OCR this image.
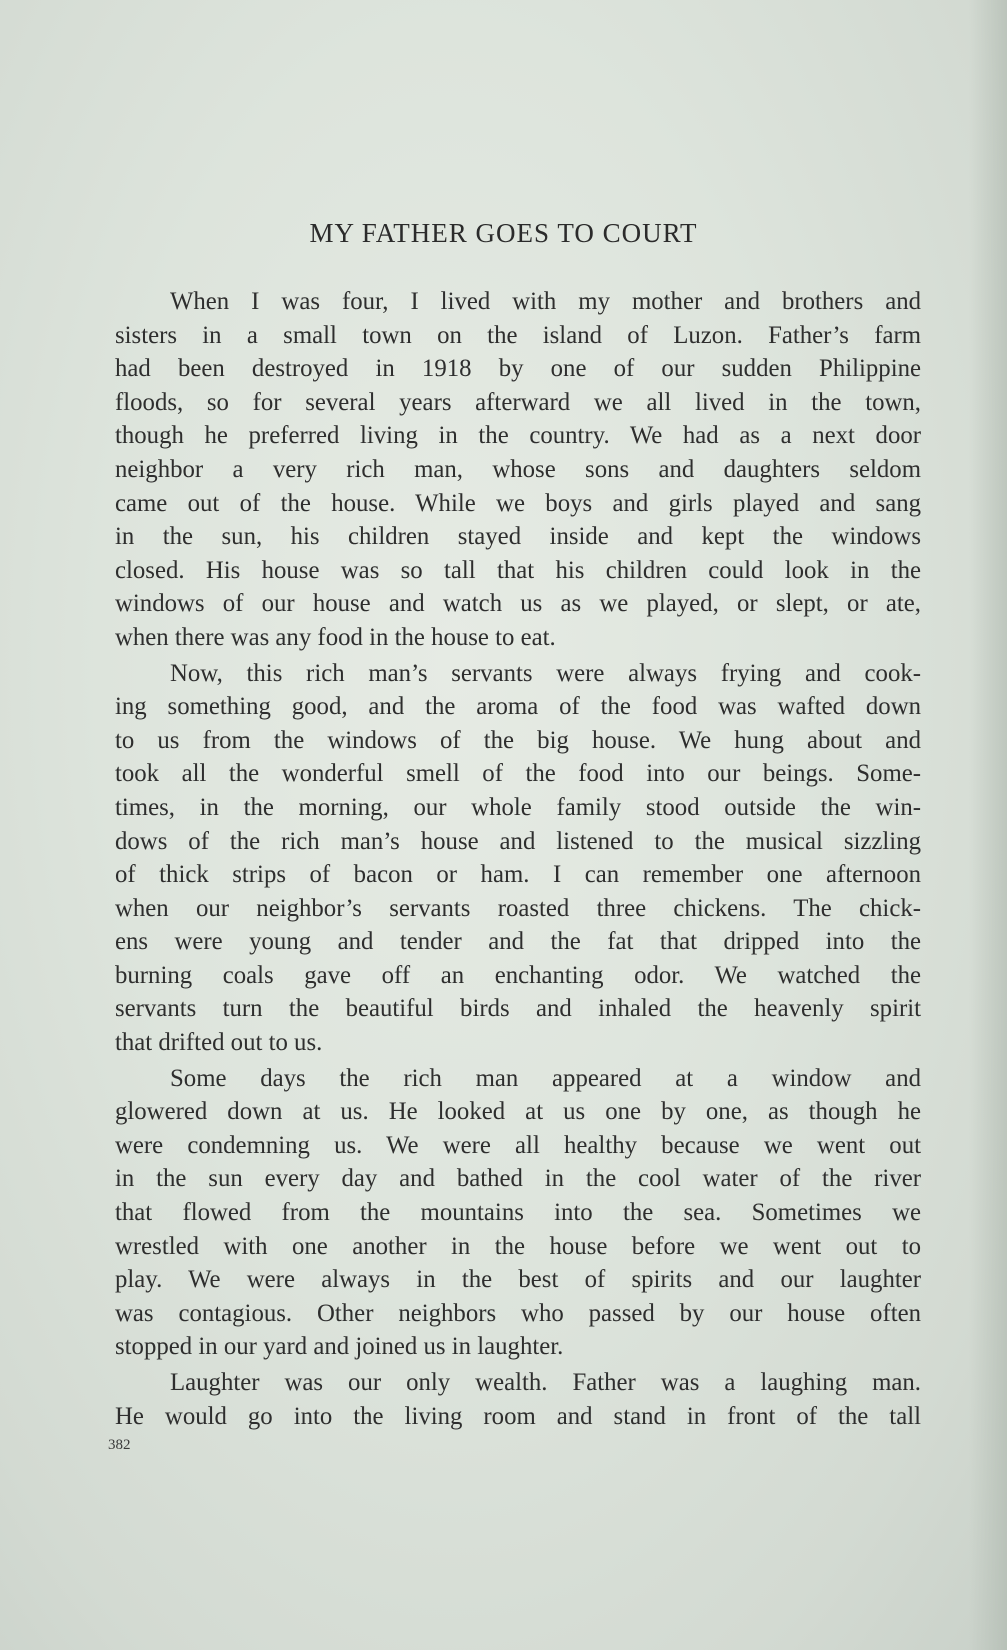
MY FATHER GOES TO COURT
When I was four, I lived with my mother and brothers and
sisters in a small town on the island of Luzon. Father’s farm
had been destroyed in 1918 by one of our sudden Philippine
floods, so for several years afterward we all lived in the town,
though he preferred living in the country. We had as a next door
neighbor a very rich man, whose sons and daughters seldom
came out of the house. While we boys and girls played and sang
in the sun, his children stayed inside and kept the windows
closed. His house was so tall that his children could look in the
windows of our house and watch us as we played, or slept, or ate,
when there was any food in the house to eat.
Now, this rich man’s servants were always frying and cook-
ing something good, and the aroma of the food was wafted down
to us from the windows of the big house. We hung about and
took all the wonderful smell of the food into our beings. Some-
times, in the morning, our whole family stood outside the win-
dows of the rich man’s house and listened to the musical sizzling
of thick strips of bacon or ham. I can remember one afternoon
when our neighbor’s servants roasted three chickens. The chick-
ens were young and tender and the fat that dripped into the
burning coals gave off an enchanting odor. We watched the
servants turn the beautiful birds and inhaled the heavenly spirit
that drifted out to us.
Some days the rich man appeared at a window and
glowered down at us. He looked at us one by one, as though he
were condemning us. We were all healthy because we went out
in the sun every day and bathed in the cool water of the river
that flowed from the mountains into the sea. Sometimes we
wrestled with one another in the house before we went out to
play. We were always in the best of spirits and our laughter
was contagious. Other neighbors who passed by our house often
stopped in our yard and joined us in laughter.
Laughter was our only wealth. Father was a laughing man.
He would go into the living room and stand in front of the tall
382
